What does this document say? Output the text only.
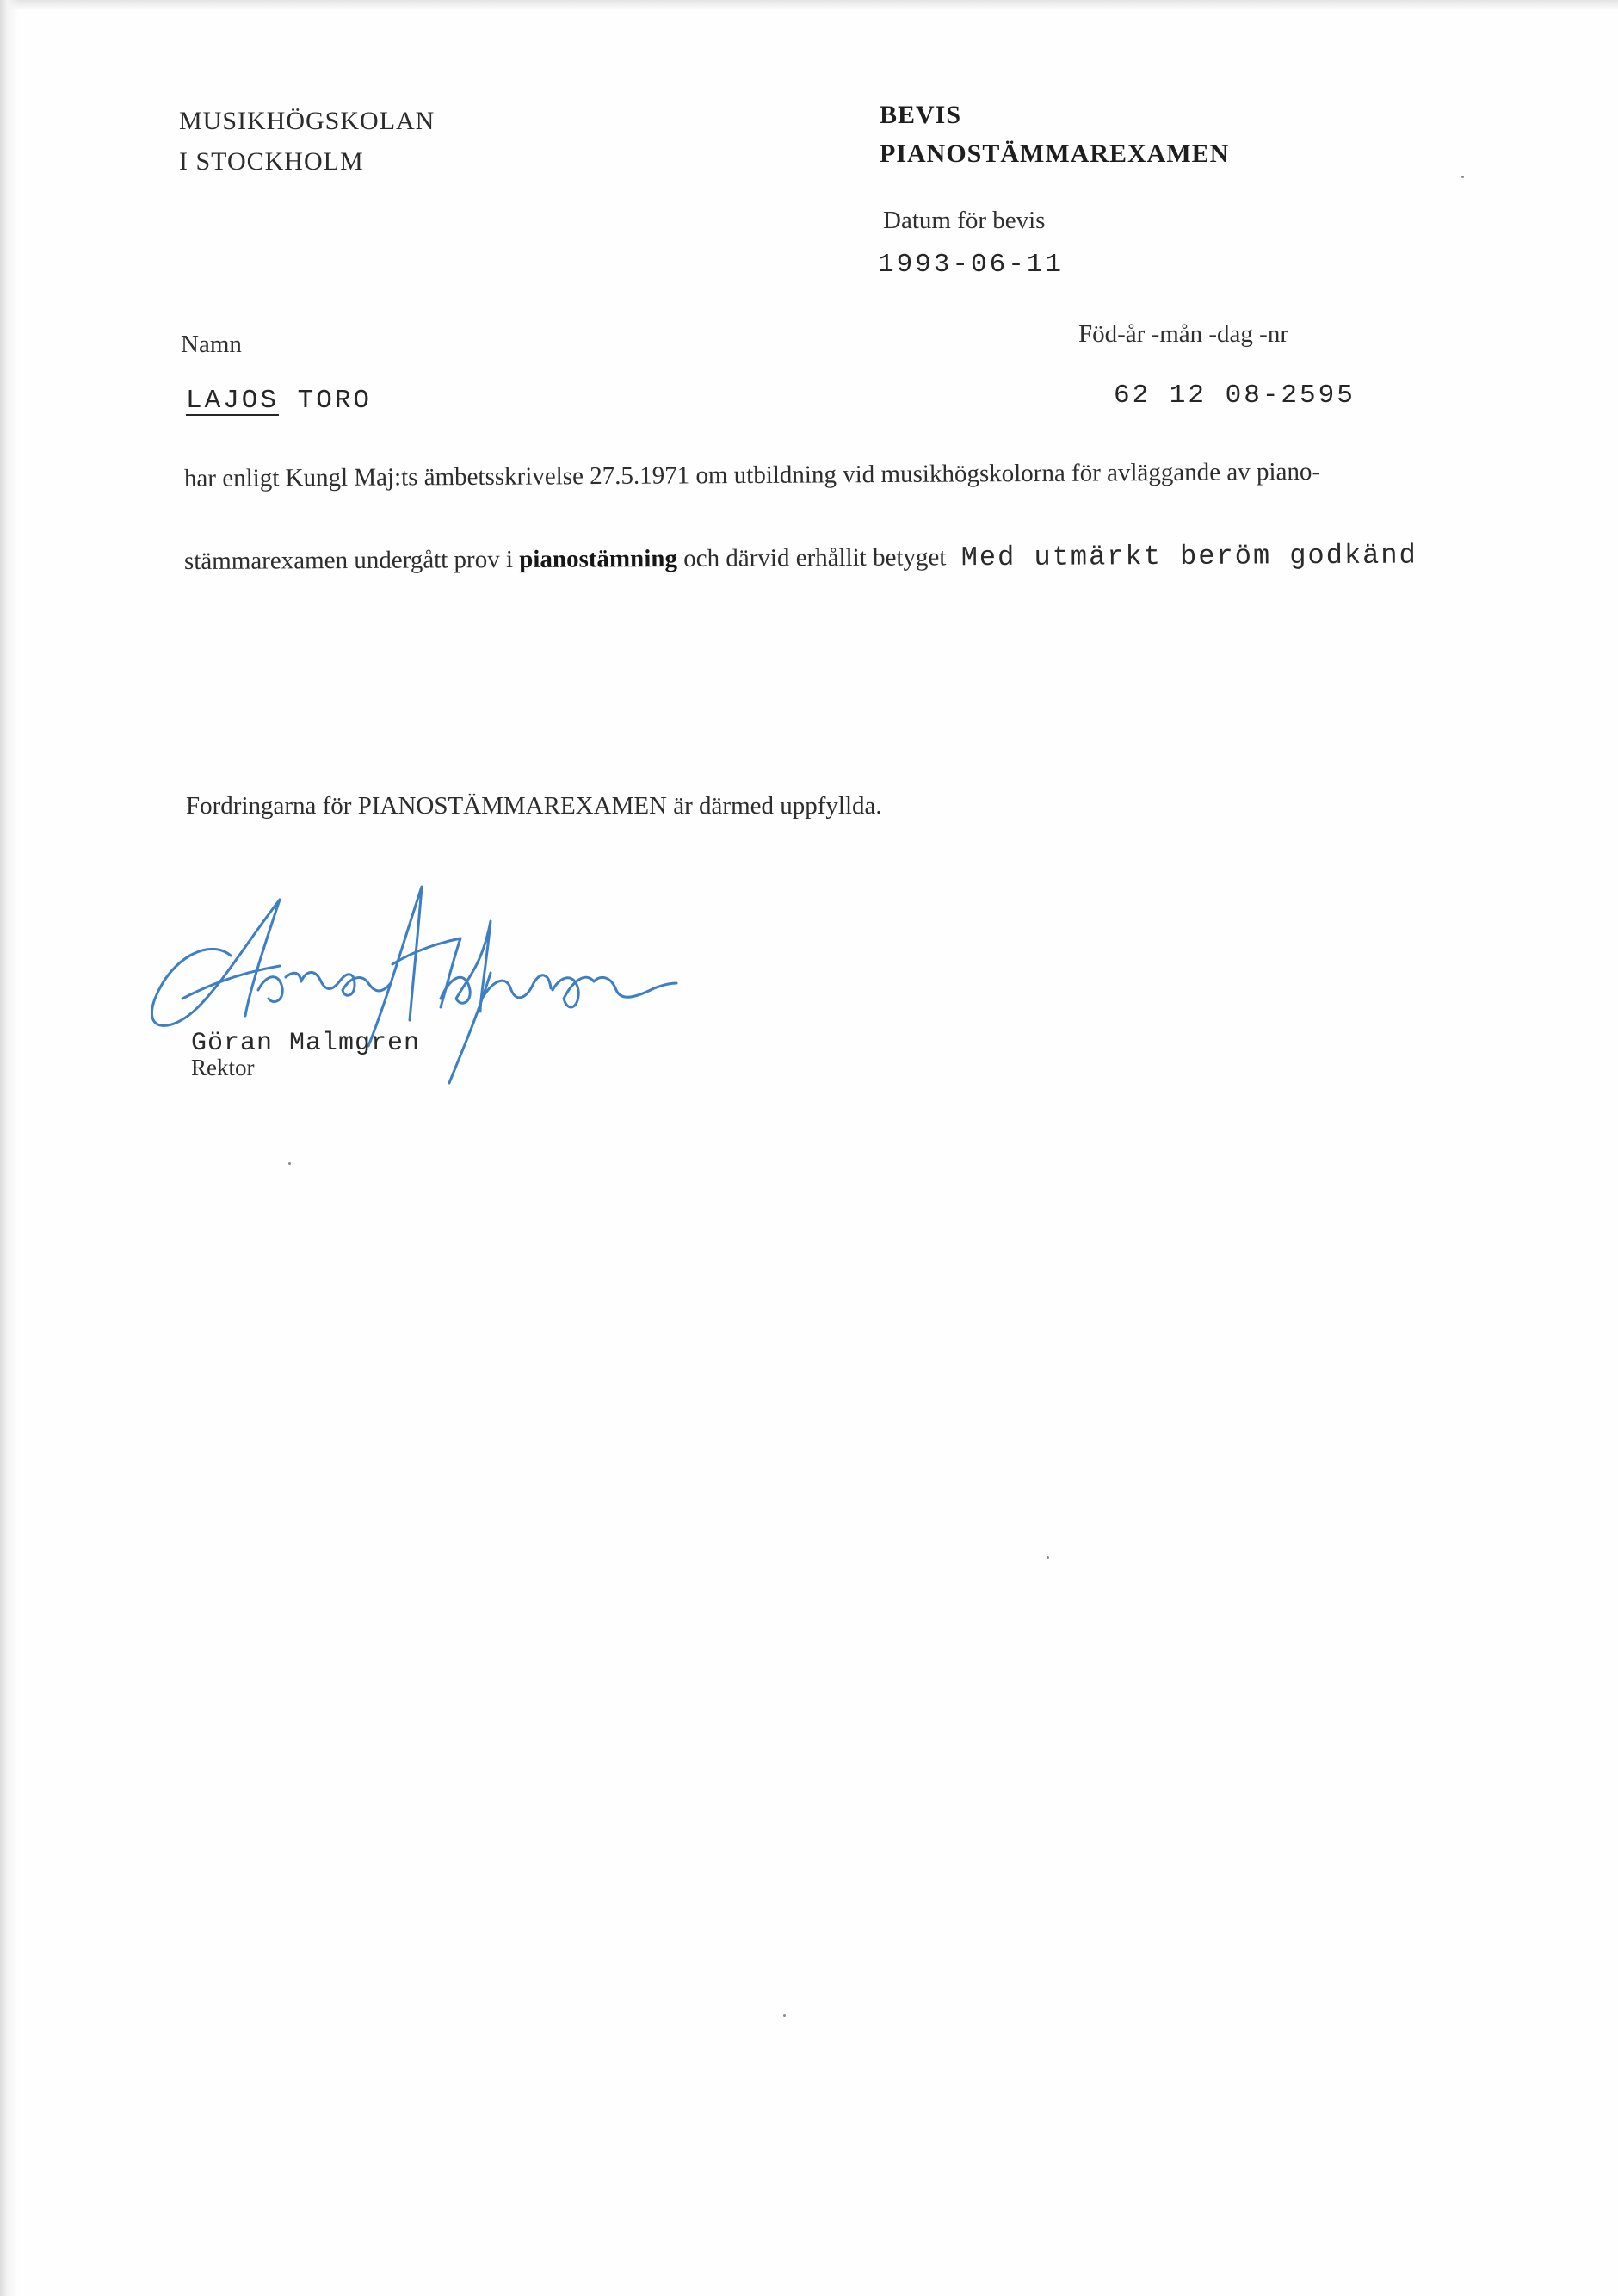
MUSIKHÖGSKOLAN
I STOCKHOLM
BEVIS
PIANOSTÄMMAREXAMEN
Datum för bevis
1993-06-11
Namn
LAJOS TORO
Föd-år -mån -dag -nr
62 12 08-2595
har enligt Kungl Maj:ts ämbetsskrivelse 27.5.1971 om utbildning vid musikhögskolorna för avläggande av piano-
stämmarexamen undergått prov i pianostämning och därvid erhållit betyget Med utmärkt beröm godkänd
Fordringarna för PIANOSTÄMMAREXAMEN är därmed uppfyllda.
Göran Malmgren
Rektor
